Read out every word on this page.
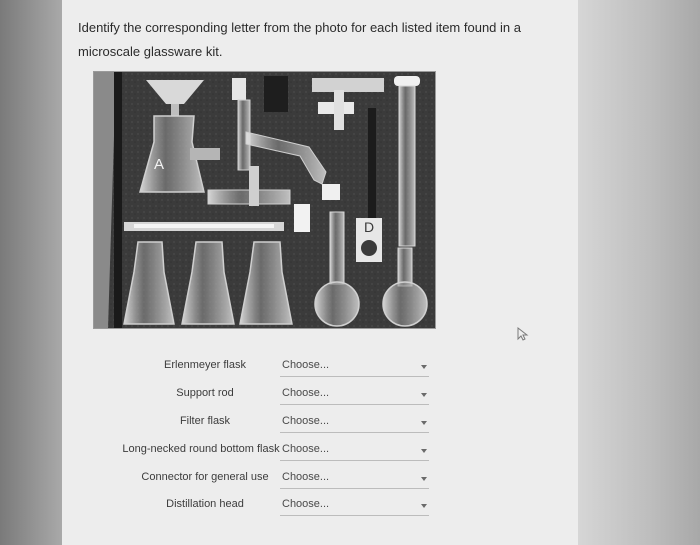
Identify the corresponding letter from the photo for each listed item found in a microscale glassware kit.
A
D
Erlenmeyer flask	Choose...
Support rod	Choose...
Filter flask	Choose...
Long-necked round bottom flask Choose...
Connector for general use	Choose...
Distillation head	Choose...
